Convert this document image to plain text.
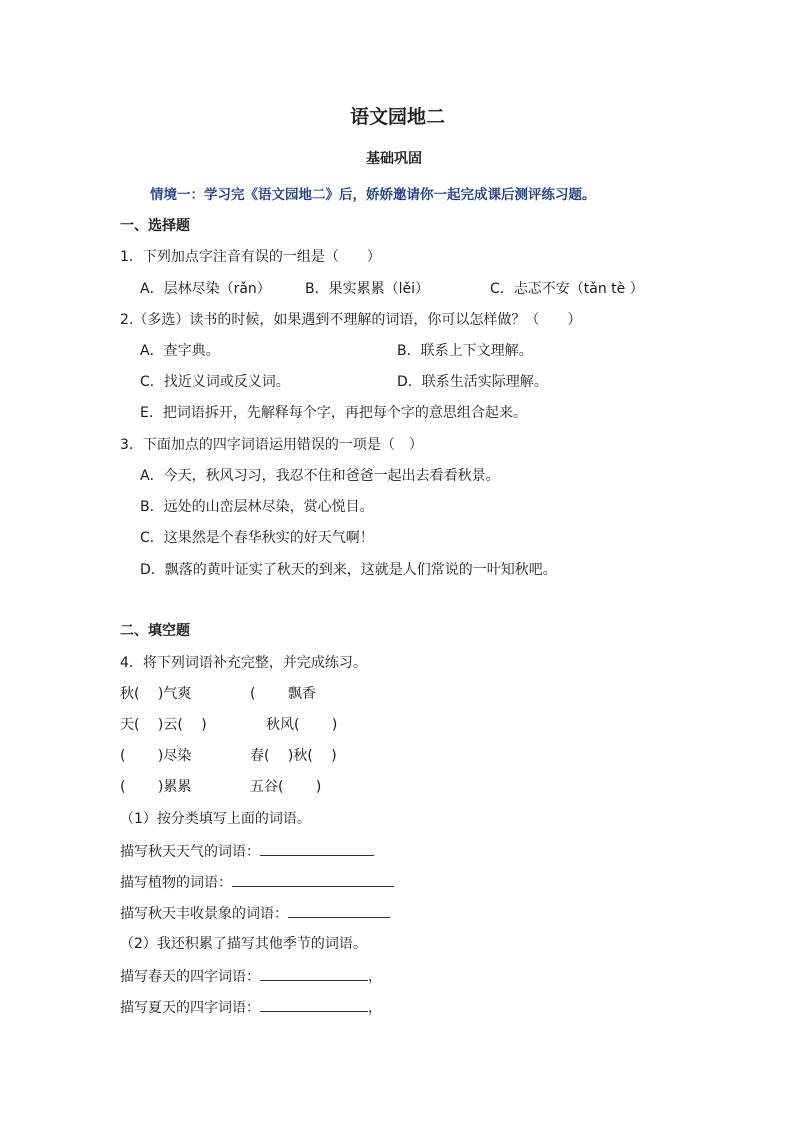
语文园地二
基础巩固
情境一：学习完《语文园地二》后，娇娇邀请你一起完成课后测评练习题。
一、选择题
1．下列加点字注音有误的一组是（　　）
A．层林尽染（rǎn） B．果实累累（lěi）	C．忐忑不安（tǎn tè ）
2.（多选）读书的时候，如果遇到不理解的词语，你可以怎样做？（　　）
A．查字典。	B．联系上下文理解。
C．找近义词或反义词。	D．联系生活实际理解。
E．把词语拆开，先解释每个字，再把每个字的意思组合起来。
3．下面加点的四字词语运用错误的一项是（　）
A．今天，秋风习习，我忍不住和爸爸一起出去看看秋景。
B．远处的山峦层林尽染，赏心悦目。
C．这果然是个春华秋实的好天气啊！
D．飘落的黄叶证实了秋天的到来，这就是人们常说的一叶知秋吧。
二、填空题
4．将下列词语补充完整，并完成练习。
秋(　 )气爽	(　　 飘香
天(　 )云(　 )	秋风(　　 )
(　　 )尽染	春(　 )秋(　 )
(　　 )累累	五谷(　　 )
（1）按分类填写上面的词语。
描写秋天天气的词语：
描写植物的词语：
描写秋天丰收景象的词语：
（2）我还积累了描写其他季节的词语。
描写春天的四字词语：	，
描写夏天的四字词语：	，
